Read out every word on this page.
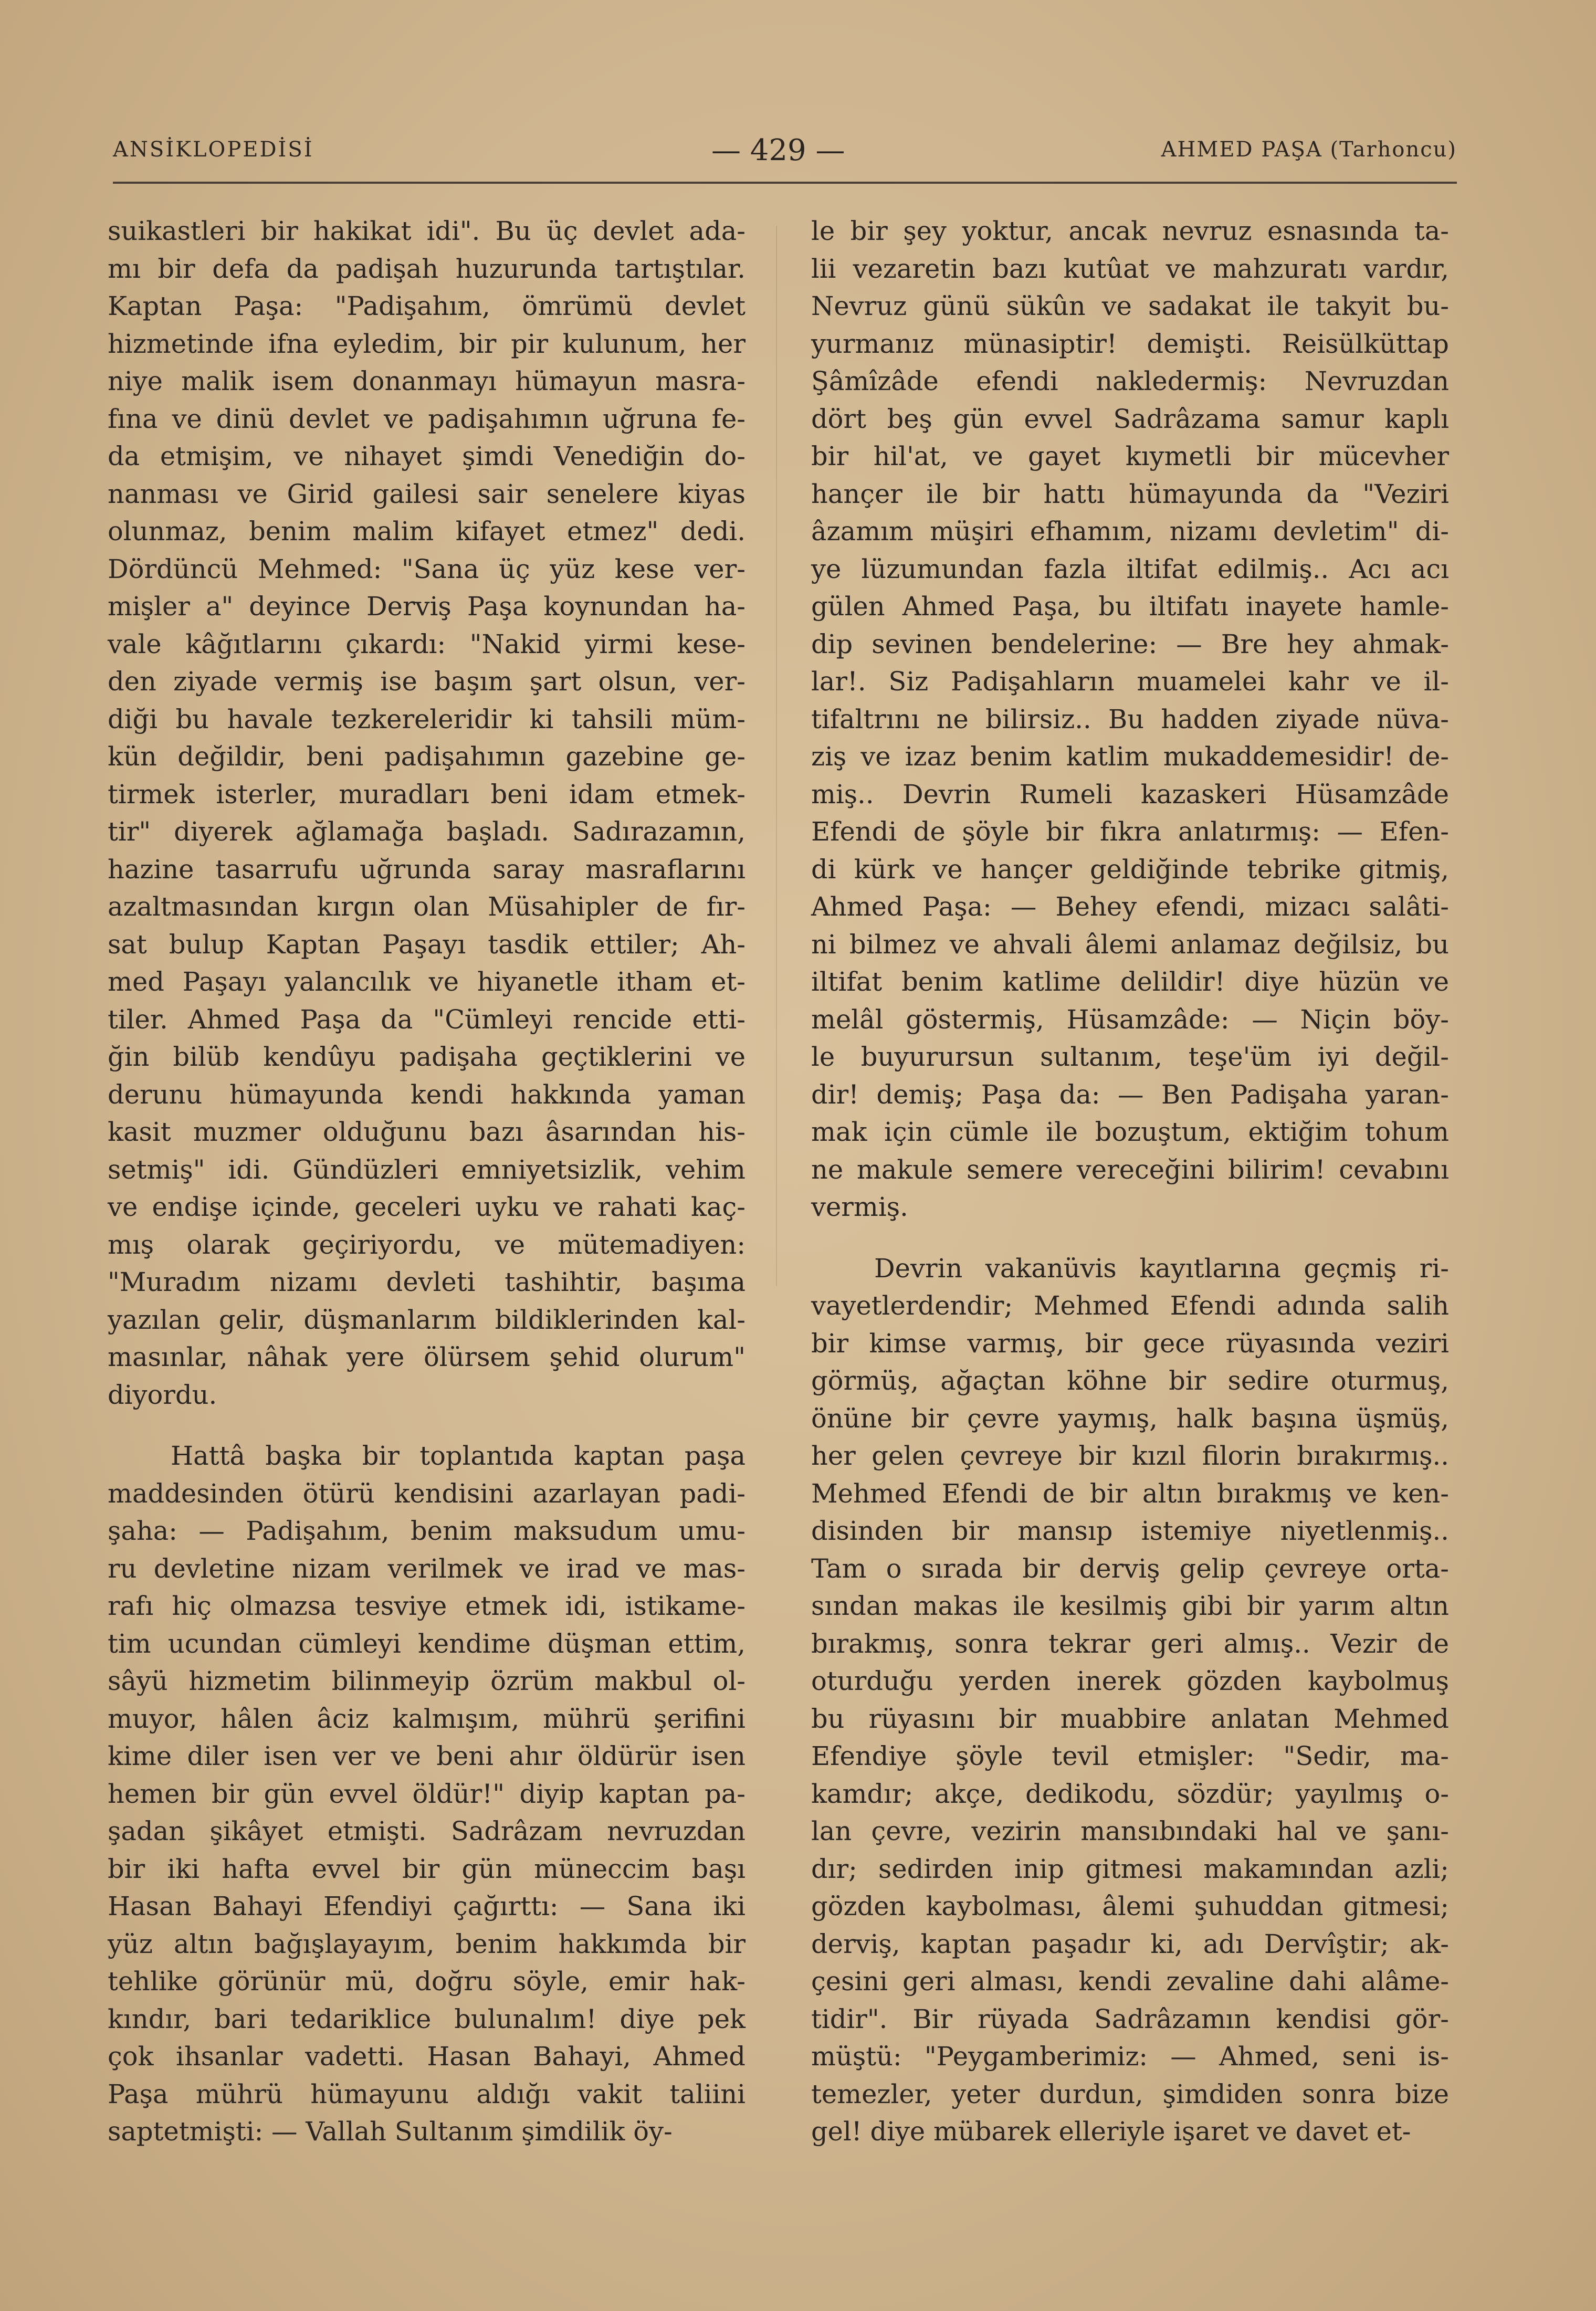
ANSİKLOPEDİSİ	— 429 —	AHMED PAŞA (Tarhoncu)
suikastleri bir hakikat idi". Bu üç devlet ada-
mı bir defa da padişah huzurunda tartıştılar.
Kaptan Paşa: "Padişahım, ömrümü devlet
hizmetinde ifna eyledim, bir pir kulunum, her
niye malik isem donanmayı hümayun masra-
fına ve dinü devlet ve padişahımın uğruna fe-
da etmişim, ve nihayet şimdi Venediğin do-
nanması ve Girid gailesi sair senelere kiyas
olunmaz, benim malim kifayet etmez" dedi.
Dördüncü Mehmed: "Sana üç yüz kese ver-
mişler a" deyince Derviş Paşa koynundan ha-
vale kâğıtlarını çıkardı: "Nakid yirmi kese-
den ziyade vermiş ise başım şart olsun, ver-
diği bu havale tezkereleridir ki tahsili müm-
kün değildir, beni padişahımın gazebine ge-
tirmek isterler, muradları beni idam etmek-
tir" diyerek ağlamağa başladı. Sadırazamın,
hazine tasarrufu uğrunda saray masraflarını
azaltmasından kırgın olan Müsahipler de fır-
sat bulup Kaptan Paşayı tasdik ettiler; Ah-
med Paşayı yalancılık ve hiyanetle itham et-
tiler. Ahmed Paşa da "Cümleyi rencide etti-
ğin bilüb kendûyu padişaha geçtiklerini ve
derunu hümayunda kendi hakkında yaman
kasit muzmer olduğunu bazı âsarından his-
setmiş" idi. Gündüzleri emniyetsizlik, vehim
ve endişe içinde, geceleri uyku ve rahati kaç-
mış olarak geçiriyordu, ve mütemadiyen:
"Muradım nizamı devleti tashihtir, başıma
yazılan gelir, düşmanlarım bildiklerinden kal-
masınlar, nâhak yere ölürsem şehid olurum"
diyordu.
Hattâ başka bir toplantıda kaptan paşa
maddesinden ötürü kendisini azarlayan padi-
şaha: — Padişahım, benim maksudum umu-
ru devletine nizam verilmek ve irad ve mas-
rafı hiç olmazsa tesviye etmek idi, istikame-
tim ucundan cümleyi kendime düşman ettim,
sâyü hizmetim bilinmeyip özrüm makbul ol-
muyor, hâlen âciz kalmışım, mührü şerifini
kime diler isen ver ve beni ahır öldürür isen
hemen bir gün evvel öldür!" diyip kaptan pa-
şadan şikâyet etmişti. Sadrâzam nevruzdan
bir iki hafta evvel bir gün müneccim başı
Hasan Bahayi Efendiyi çağırttı: — Sana iki
yüz altın bağışlayayım, benim hakkımda bir
tehlike görünür mü, doğru söyle, emir hak-
kındır, bari tedariklice bulunalım! diye pek
çok ihsanlar vadetti. Hasan Bahayi, Ahmed
Paşa mührü hümayunu aldığı vakit taliini
saptetmişti: — Vallah Sultanım şimdilik öy-
le bir şey yoktur, ancak nevruz esnasında ta-
lii vezaretin bazı kutûat ve mahzuratı vardır,
Nevruz günü sükûn ve sadakat ile takyit bu-
yurmanız münasiptir! demişti. Reisülküttap
Şâmîzâde efendi nakledermiş: Nevruzdan
dört beş gün evvel Sadrâzama samur kaplı
bir hil'at, ve gayet kıymetli bir mücevher
hançer ile bir hattı hümayunda da "Veziri
âzamım müşiri efhamım, nizamı devletim" di-
ye lüzumundan fazla iltifat edilmiş.. Acı acı
gülen Ahmed Paşa, bu iltifatı inayete hamle-
dip sevinen bendelerine: — Bre hey ahmak-
lar!. Siz Padişahların muamelei kahr ve il-
tifaltrını ne bilirsiz.. Bu hadden ziyade nüva-
ziş ve izaz benim katlim mukaddemesidir! de-
miş.. Devrin Rumeli kazaskeri Hüsamzâde
Efendi de şöyle bir fıkra anlatırmış: — Efen-
di kürk ve hançer geldiğinde tebrike gitmiş,
Ahmed Paşa: — Behey efendi, mizacı salâti-
ni bilmez ve ahvali âlemi anlamaz değilsiz, bu
iltifat benim katlime delildir! diye hüzün ve
melâl göstermiş, Hüsamzâde: — Niçin böy-
le buyurursun sultanım, teşe'üm iyi değil-
dir! demiş; Paşa da: — Ben Padişaha yaran-
mak için cümle ile bozuştum, ektiğim tohum
ne makule semere vereceğini bilirim! cevabını
vermiş.
Devrin vakanüvis kayıtlarına geçmiş ri-
vayetlerdendir; Mehmed Efendi adında salih
bir kimse varmış, bir gece rüyasında veziri
görmüş, ağaçtan köhne bir sedire oturmuş,
önüne bir çevre yaymış, halk başına üşmüş,
her gelen çevreye bir kızıl filorin bırakırmış..
Mehmed Efendi de bir altın bırakmış ve ken-
disinden bir mansıp istemiye niyetlenmiş..
Tam o sırada bir derviş gelip çevreye orta-
sından makas ile kesilmiş gibi bir yarım altın
bırakmış, sonra tekrar geri almış.. Vezir de
oturduğu yerden inerek gözden kaybolmuş
bu rüyasını bir muabbire anlatan Mehmed
Efendiye şöyle tevil etmişler: "Sedir, ma-
kamdır; akçe, dedikodu, sözdür; yayılmış o-
lan çevre, vezirin mansıbındaki hal ve şanı-
dır; sedirden inip gitmesi makamından azli;
gözden kaybolması, âlemi şuhuddan gitmesi;
derviş, kaptan paşadır ki, adı Dervîştir; ak-
çesini geri alması, kendi zevaline dahi alâme-
tidir". Bir rüyada Sadrâzamın kendisi gör-
müştü: "Peygamberimiz: — Ahmed, seni is-
temezler, yeter durdun, şimdiden sonra bize
gel! diye mübarek elleriyle işaret ve davet et-
